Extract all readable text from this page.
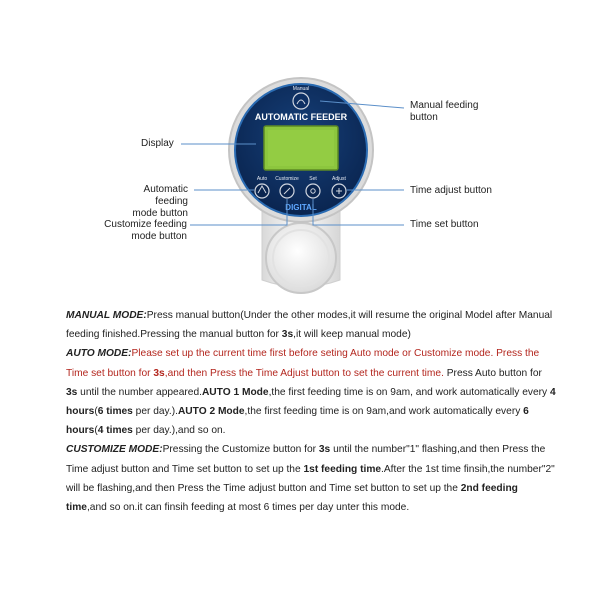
Manual
AUTOMATIC FEEDER
Auto Customize Set	Adjust
DIGITAL
Manual feeding
button
Display
Automatic feeding
mode button
Time adjust button
Customize feeding
mode button
Time set button

MANUAL MODE:Press manual button(Under the other modes,it will resume the original Model after Manual feeding finished.Pressing the manual button for 3s,it will keep manual mode)

AUTO MODE:Please set up the current time first before seting Auto mode or Customize mode. Press the Time set button for 3s,and then Press the Time Adjust button to set the current time. Press Auto button for 3s until the number appeared.AUTO 1 Mode,the first feeding time is on 9am, and work automatically every 4 hours(6 times per day.).AUTO 2 Mode,the first feeding time is on 9am,and work automatically every 6 hours(4 times per day.),and so on.

CUSTOMIZE MODE:Pressing the Customize button for 3s until the number"1" flashing,and then Press the Time adjust button and Time set button to set up the 1st feeding time.After the 1st time finsih,the number"2" will be flashing,and then Press the Time adjust button and Time set button to set up the 2nd feeding time,and so on.it can finsih feeding at most 6 times per day unter this mode.
